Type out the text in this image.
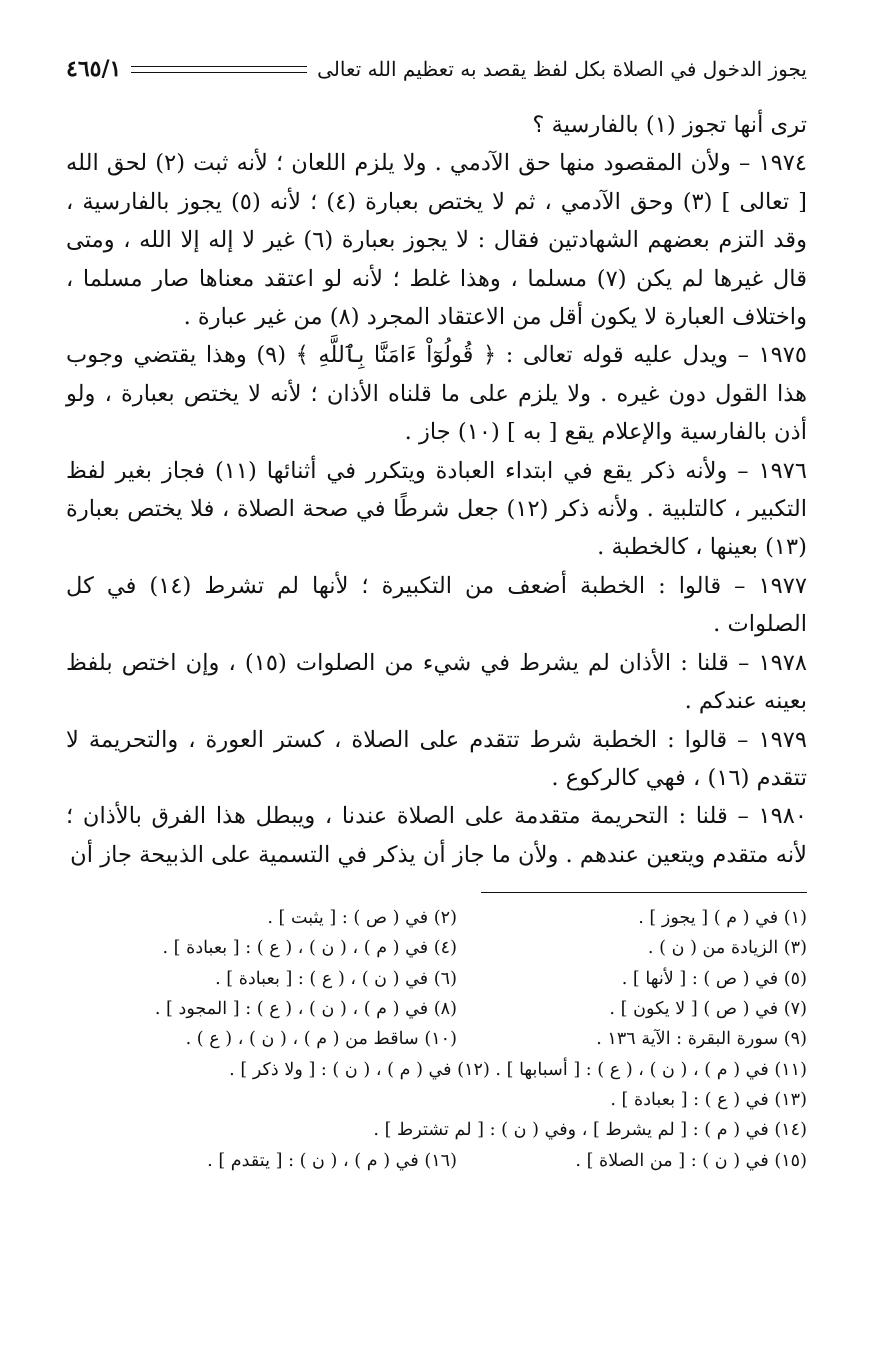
يجوز الدخول في الصلاة بكل لفظ يقصد به تعظيم الله تعالى
٤٦٥/١

ترى أنها تجوز (١) بالفارسية ؟

١٩٧٤ – ولأن المقصود منها حق الآدمي . ولا يلزم اللعان ؛ لأنه ثبت (٢) لحق الله [ تعالى ] (٣) وحق الآدمي ، ثم لا يختص بعبارة (٤) ؛ لأنه (٥) يجوز بالفارسية ، وقد التزم بعضهم الشهادتين فقال : لا يجوز بعبارة (٦) غير لا إله إلا الله ، ومتى قال غيرها لم يكن (٧) مسلما ، وهذا غلط ؛ لأنه لو اعتقد معناها صار مسلما ، واختلاف العبارة لا يكون أقل من الاعتقاد المجرد (٨) من غير عبارة .

١٩٧٥ – ويدل عليه قوله تعالى : ﴿ قُولُوٓاْ ءَامَنَّا بِٱللَّهِ ﴾ (٩) وهذا يقتضي وجوب هذا القول دون غيره . ولا يلزم على ما قلناه الأذان ؛ لأنه لا يختص بعبارة ، ولو أذن بالفارسية والإعلام يقع [ به ] (١٠) جاز .

١٩٧٦ – ولأنه ذكر يقع في ابتداء العبادة ويتكرر في أثنائها (١١) فجاز بغير لفظ التكبير ، كالتلبية . ولأنه ذكر (١٢) جعل شرطًا في صحة الصلاة ، فلا يختص بعبارة (١٣) بعينها ، كالخطبة .

١٩٧٧ – قالوا : الخطبة أضعف من التكبيرة ؛ لأنها لم تشرط (١٤) في كل الصلوات .

١٩٧٨ – قلنا : الأذان لم يشرط في شيء من الصلوات (١٥) ، وإن اختص بلفظ بعينه عندكم .

١٩٧٩ – قالوا : الخطبة شرط تتقدم على الصلاة ، كستر العورة ، والتحريمة لا تتقدم (١٦) ، فهي كالركوع .

١٩٨٠ – قلنا : التحريمة متقدمة على الصلاة عندنا ، ويبطل هذا الفرق بالأذان ؛ لأنه متقدم ويتعين عندهم . ولأن ما جاز أن يذكر في التسمية على الذبيحة جاز أن

(١) في ( م ) [ يجوز ] .
(٢) في ( ص ) : [ يثبت ] .
(٣) الزيادة من ( ن ) .
(٤) في ( م ) ، ( ن ) ، ( ع ) : [ بعبادة ] .
(٥) في ( ص ) : [ لأنها ] .
(٦) في ( ن ) ، ( ع ) : [ بعبادة ] .
(٧) في ( ص ) [ لا يكون ] .
(٨) في ( م ) ، ( ن ) ، ( ع ) : [ المجود ] .
(٩) سورة البقرة : الآية ١٣٦ .
(١٠) ساقط من ( م ) ، ( ن ) ، ( ع ) .
(١١) في ( م ) ، ( ن ) ، ( ع ) : [ أسبابها ] . (١٢) في ( م ) ، ( ن ) : [ ولا ذكر ] .
(١٣) في ( ع ) : [ بعبادة ] .
(١٤) في ( م ) : [ لم يشرط ] ، وفي ( ن ) : [ لم تشترط ] .
(١٥) في ( ن ) : [ من الصلاة ] .
(١٦) في ( م ) ، ( ن ) : [ يتقدم ] .
